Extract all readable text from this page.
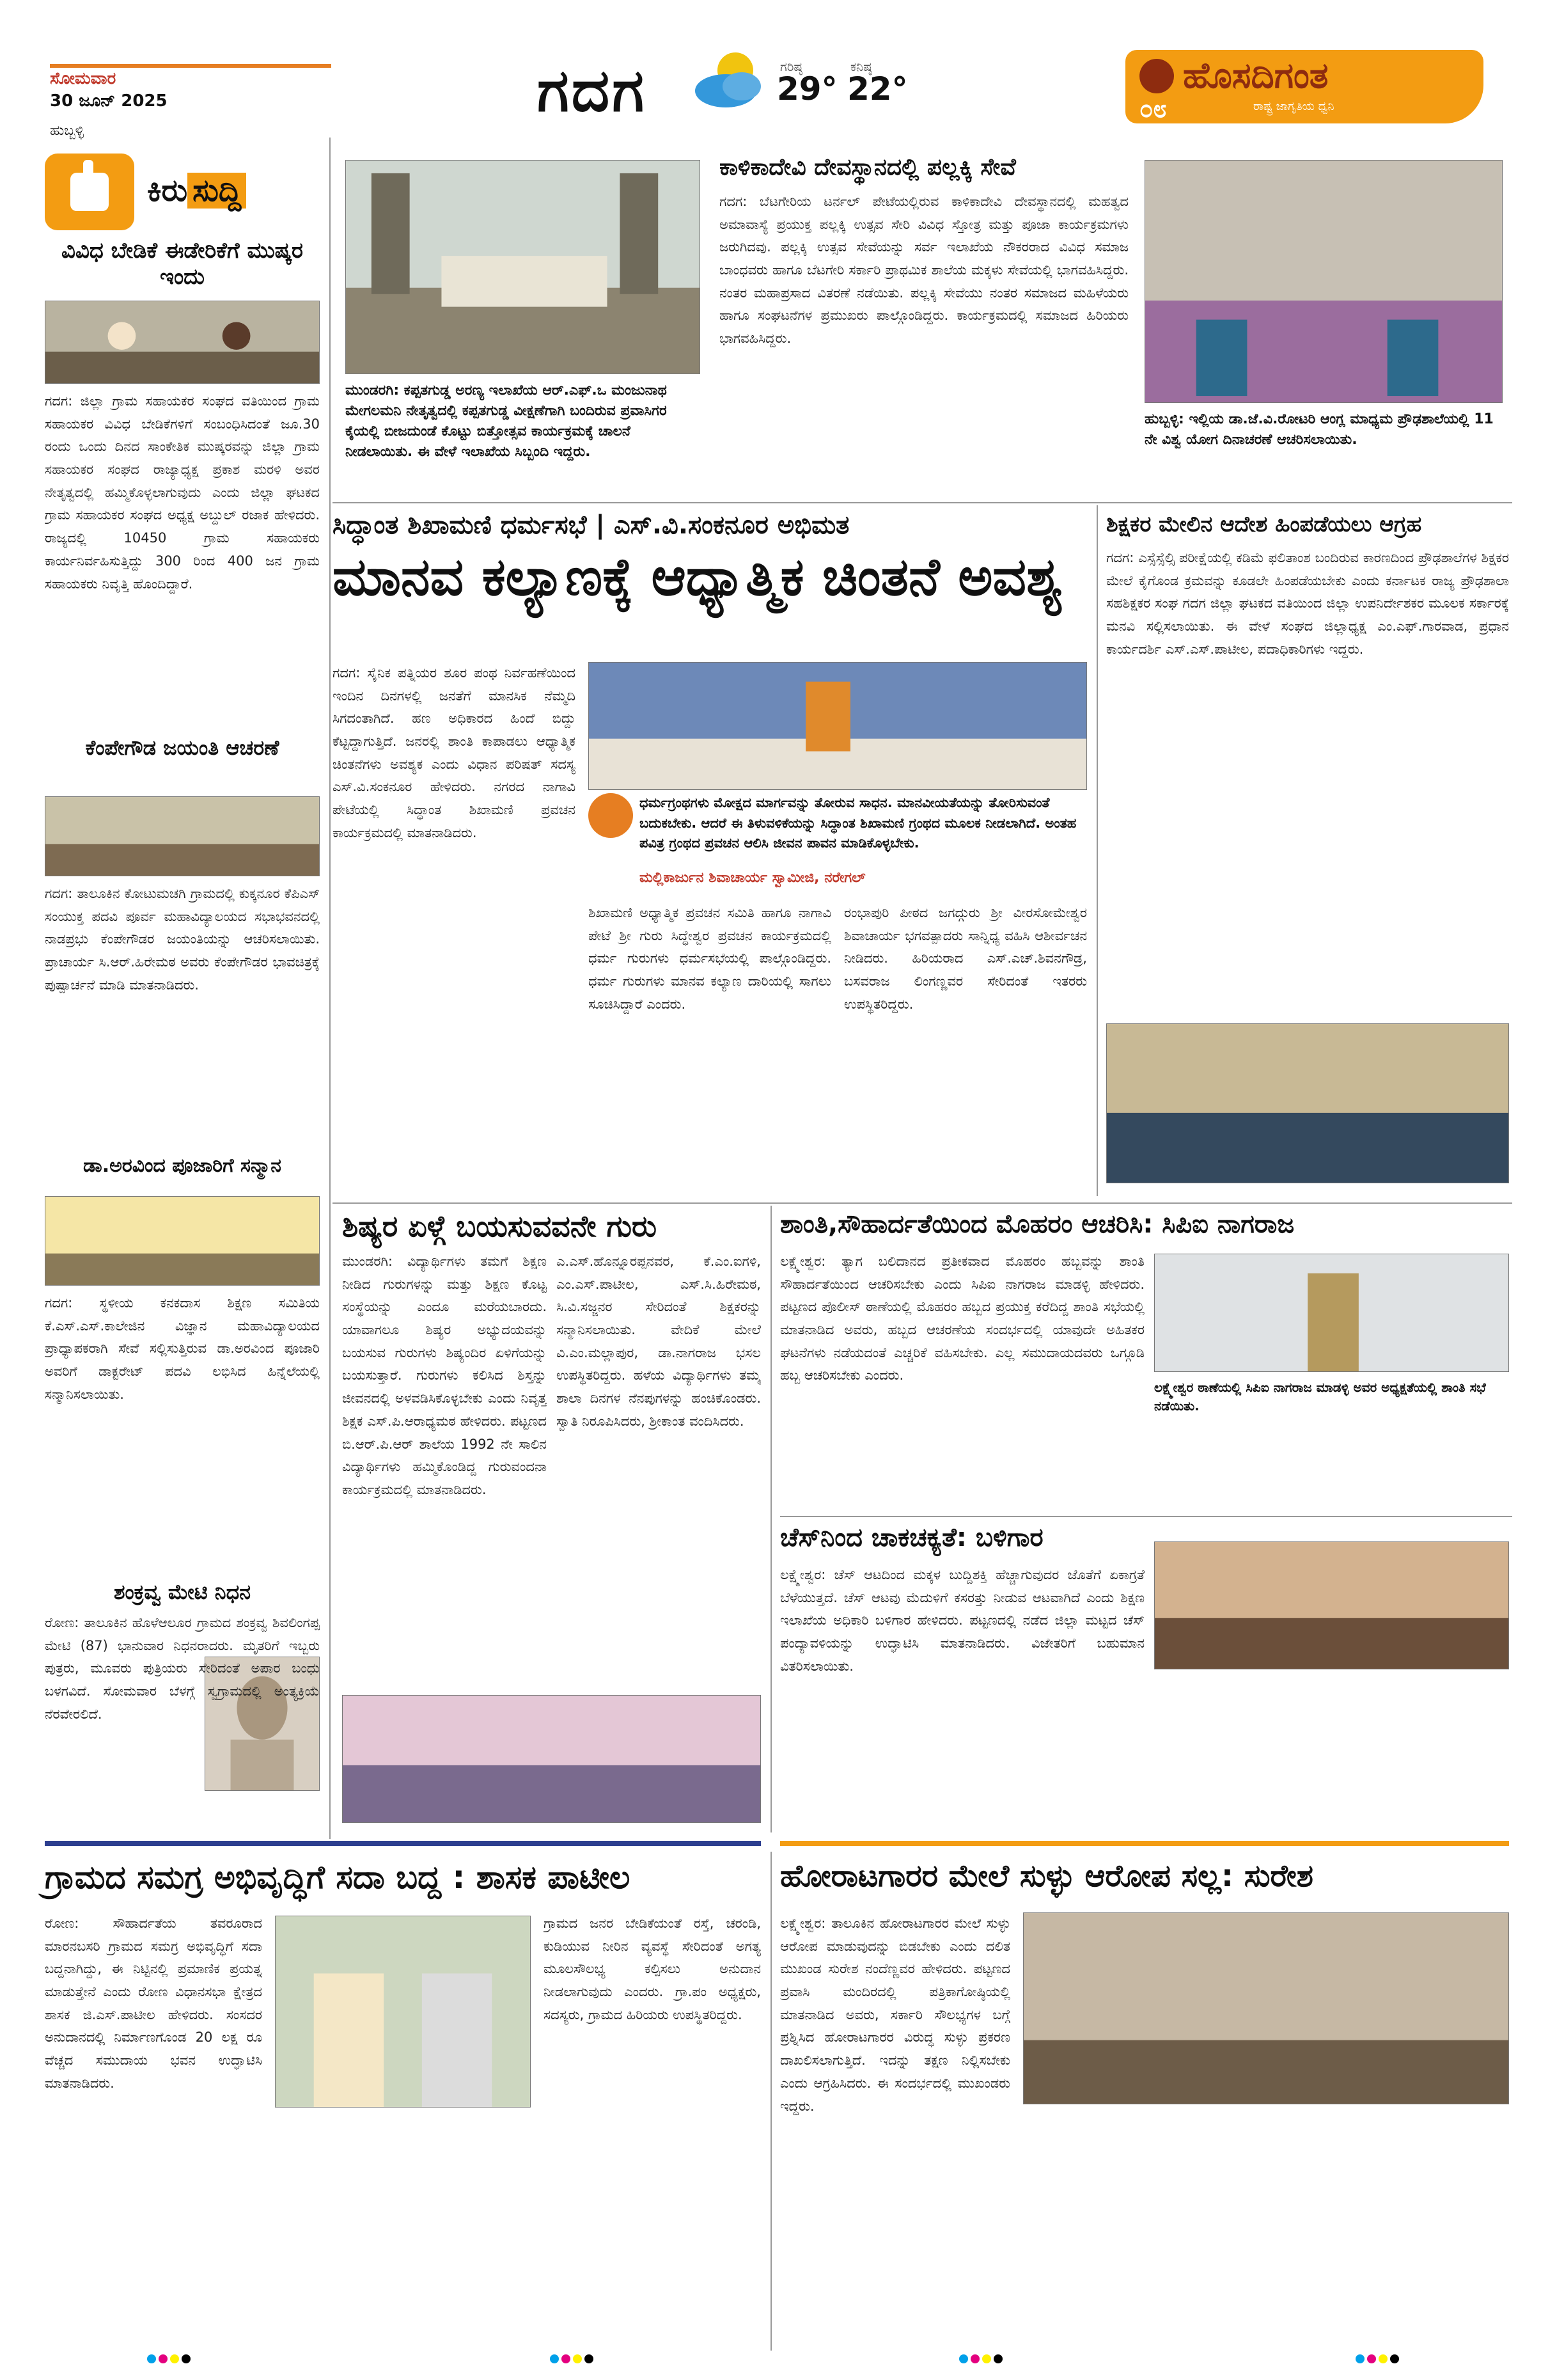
ಸೋಮವಾರ
30 ಜೂನ್ 2025
ಹುಬ್ಬಳ್ಳಿ
ಗದಗ	ಗರಿಷ್ಠ
29°
ಕನಿಷ್ಠ
22°	ಹೊಸದಿಗಂತ
೦೮	ರಾಷ್ಟ್ರ ಜಾಗೃತಿಯ ಧ್ವನಿ
ಕಿರು ಸುದ್ದಿ
ವಿವಿಧ ಬೇಡಿಕೆ ಈಡೇರಿಕೆಗೆ ಮುಷ್ಕರ ಇಂದು
ಗದಗ: ಜಿಲ್ಲಾ ಗ್ರಾಮ ಸಹಾಯಕರ ಸಂಘದ ವತಿಯಿಂದ ಗ್ರಾಮ ಸಹಾಯಕರ ವಿವಿಧ ಬೇಡಿಕೆಗಳಿಗೆ ಸಂಬಂಧಿಸಿದಂತೆ ಜೂ.30 ರಂದು ಒಂದು ದಿನದ ಸಾಂಕೇತಿಕ ಮುಷ್ಕರವನ್ನು ಜಿಲ್ಲಾ ಗ್ರಾಮ ಸಹಾಯಕರ ಸಂಘದ ರಾಜ್ಯಾಧ್ಯಕ್ಷ ಪ್ರಕಾಶ ಮರಳಿ ಅವರ ನೇತೃತ್ವದಲ್ಲಿ ಹಮ್ಮಿಕೊಳ್ಳಲಾಗುವುದು ಎಂದು ಜಿಲ್ಲಾ ಘಟಕದ ಗ್ರಾಮ ಸಹಾಯಕರ ಸಂಘದ ಅಧ್ಯಕ್ಷ ಅಬ್ದುಲ್ ರಜಾಕ ಹೇಳಿದರು. ರಾಜ್ಯದಲ್ಲಿ 10450 ಗ್ರಾಮ ಸಹಾಯಕರು ಕಾರ್ಯನಿರ್ವಹಿಸುತ್ತಿದ್ದು 300 ರಿಂದ 400 ಜನ ಗ್ರಾಮ ಸಹಾಯಕರು ನಿವೃತ್ತಿ ಹೊಂದಿದ್ದಾರೆ.
ಕೆಂಪೇಗೌಡ ಜಯಂತಿ ಆಚರಣೆ
ಗದಗ: ತಾಲೂಕಿನ ಕೋಟುಮಚಗಿ ಗ್ರಾಮದಲ್ಲಿ ಕುಕ್ಕನೂರ ಕೆಪಿಎಸ್ ಸಂಯುಕ್ತ ಪದವಿ ಪೂರ್ವ ಮಹಾವಿದ್ಯಾಲಯದ ಸಭಾಭವನದಲ್ಲಿ ನಾಡಪ್ರಭು ಕೆಂಪೇಗೌಡರ ಜಯಂತಿಯನ್ನು ಆಚರಿಸಲಾಯಿತು. ಪ್ರಾಚಾರ್ಯ ಸಿ.ಆರ್.ಹಿರೇಮಠ ಅವರು ಕೆಂಪೇಗೌಡರ ಭಾವಚಿತ್ರಕ್ಕೆ ಪುಷ್ಪಾರ್ಚನೆ ಮಾಡಿ ಮಾತನಾಡಿದರು.
ಡಾ.ಅರವಿಂದ ಪೂಜಾರಿಗೆ ಸನ್ಮಾನ
ಗದಗ: ಸ್ಥಳೀಯ ಕನಕದಾಸ ಶಿಕ್ಷಣ ಸಮಿತಿಯ ಕೆ.ಎಸ್.ಎಸ್.ಕಾಲೇಜಿನ ವಿಜ್ಞಾನ ಮಹಾವಿದ್ಯಾಲಯದ ಪ್ರಾಧ್ಯಾಪಕರಾಗಿ ಸೇವೆ ಸಲ್ಲಿಸುತ್ತಿರುವ ಡಾ.ಅರವಿಂದ ಪೂಜಾರಿ ಅವರಿಗೆ ಡಾಕ್ಟರೇಟ್ ಪದವಿ ಲಭಿಸಿದ ಹಿನ್ನೆಲೆಯಲ್ಲಿ ಸನ್ಮಾನಿಸಲಾಯಿತು.
ಶಂಕ್ರವ್ವ ಮೇಟಿ ನಿಧನ
ರೋಣ: ತಾಲೂಕಿನ ಹೊಳೆಆಲೂರ ಗ್ರಾಮದ ಶಂಕ್ರವ್ವ ಶಿವಲಿಂಗಪ್ಪ ಮೇಟಿ (87) ಭಾನುವಾರ ನಿಧನರಾದರು. ಮೃತರಿಗೆ ಇಬ್ಬರು ಪುತ್ರರು, ಮೂವರು ಪುತ್ರಿಯರು ಸೇರಿದಂತೆ ಅಪಾರ ಬಂಧು ಬಳಗವಿದೆ. ಸೋಮವಾರ ಬೆಳಗ್ಗೆ ಸ್ವಗ್ರಾಮದಲ್ಲಿ ಅಂತ್ಯಕ್ರಿಯೆ ನೆರವೇರಲಿದೆ.
ಮುಂಡರಗಿ: ಕಪ್ಪತಗುಡ್ಡ ಅರಣ್ಯ ಇಲಾಖೆಯ ಆರ್.ಎಫ್.ಒ ಮಂಜುನಾಥ ಮೇಗಲಮನಿ ನೇತೃತ್ವದಲ್ಲಿ ಕಪ್ಪತಗುಡ್ಡ ವೀಕ್ಷಣೆಗಾಗಿ ಬಂದಿರುವ ಪ್ರವಾಸಿಗರ ಕೈಯಲ್ಲಿ ಬೀಜದುಂಡೆ ಕೊಟ್ಟು ಬಿತ್ತೋತ್ಸವ ಕಾರ್ಯಕ್ರಮಕ್ಕೆ ಚಾಲನೆ ನೀಡಲಾಯಿತು. ಈ ವೇಳೆ ಇಲಾಖೆಯ ಸಿಬ್ಬಂದಿ ಇದ್ದರು.
ಕಾಳಿಕಾದೇವಿ ದೇವಸ್ಥಾನದಲ್ಲಿ ಪಲ್ಲಕ್ಕಿ ಸೇವೆ
ಗದಗ: ಬೆಟಗೇರಿಯ ಟರ್ನಲ್ ಪೇಟೆಯಲ್ಲಿರುವ ಕಾಳಿಕಾದೇವಿ ದೇವಸ್ಥಾನದಲ್ಲಿ ಮಹತ್ವದ ಅಮಾವಾಸ್ಯೆ ಪ್ರಯುಕ್ತ ಪಲ್ಲಕ್ಕಿ ಉತ್ಸವ ಸೇರಿ ವಿವಿಧ ಸ್ತೋತ್ರ ಮತ್ತು ಪೂಜಾ ಕಾರ್ಯಕ್ರಮಗಳು ಜರುಗಿದವು. ಪಲ್ಲಕ್ಕಿ ಉತ್ಸವ ಸೇವೆಯನ್ನು ಸರ್ವ ಇಲಾಖೆಯ ನೌಕರರಾದ ವಿವಿಧ ಸಮಾಜ ಬಾಂಧವರು ಹಾಗೂ ಬೆಟಗೇರಿ ಸರ್ಕಾರಿ ಪ್ರಾಥಮಿಕ ಶಾಲೆಯ ಮಕ್ಕಳು ಸೇವೆಯಲ್ಲಿ ಭಾಗವಹಿಸಿದ್ದರು. ನಂತರ ಮಹಾಪ್ರಸಾದ ವಿತರಣೆ ನಡೆಯಿತು. ಪಲ್ಲಕ್ಕಿ ಸೇವೆಯು ನಂತರ ಸಮಾಜದ ಮಹಿಳೆಯರು ಹಾಗೂ ಸಂಘಟನೆಗಳ ಪ್ರಮುಖರು ಪಾಲ್ಗೊಂಡಿದ್ದರು. ಕಾರ್ಯಕ್ರಮದಲ್ಲಿ ಸಮಾಜದ ಹಿರಿಯರು ಭಾಗವಹಿಸಿದ್ದರು.
ಹುಬ್ಬಳ್ಳಿ: ಇಲ್ಲಿಯ ಡಾ.ಜೆ.ವಿ.ರೋಟರಿ ಆಂಗ್ಲ ಮಾಧ್ಯಮ ಪ್ರೌಢಶಾಲೆಯಲ್ಲಿ 11 ನೇ ವಿಶ್ವ ಯೋಗ ದಿನಾಚರಣೆ ಆಚರಿಸಲಾಯಿತು.
ಸಿದ್ಧಾಂತ ಶಿಖಾಮಣಿ ಧರ್ಮಸಭೆ | ಎಸ್.ವಿ.ಸಂಕನೂರ ಅಭಿಮತ
ಮಾನವ ಕಲ್ಯಾಣಕ್ಕೆ ಆಧ್ಯಾತ್ಮಿಕ ಚಿಂತನೆ ಅವಶ್ಯ
ಗದಗ: ಸೈನಿಕ ಪತ್ನಿಯರ ಶೂರ ಪಂಥ ನಿರ್ವಹಣೆಯಿಂದ ಇಂದಿನ ದಿನಗಳಲ್ಲಿ ಜನತೆಗೆ ಮಾನಸಿಕ ನೆಮ್ಮದಿ ಸಿಗದಂತಾಗಿದೆ. ಹಣ ಅಧಿಕಾರದ ಹಿಂದೆ ಬಿದ್ದು ಕೆಟ್ಟದ್ದಾಗುತ್ತಿದೆ. ಜನರಲ್ಲಿ ಶಾಂತಿ ಕಾಪಾಡಲು ಆಧ್ಯಾತ್ಮಿಕ ಚಿಂತನೆಗಳು ಅವಶ್ಯಕ ಎಂದು ವಿಧಾನ ಪರಿಷತ್ ಸದಸ್ಯ ಎಸ್.ವಿ.ಸಂಕನೂರ ಹೇಳಿದರು. ನಗರದ ನಾಗಾವಿ ಪೇಟೆಯಲ್ಲಿ ಸಿದ್ಧಾಂತ ಶಿಖಾಮಣಿ ಪ್ರವಚನ ಕಾರ್ಯಕ್ರಮದಲ್ಲಿ ಮಾತನಾಡಿದರು.
ಧರ್ಮಗ್ರಂಥಗಳು ಮೋಕ್ಷದ ಮಾರ್ಗವನ್ನು ತೋರುವ ಸಾಧನ. ಮಾನವೀಯತೆಯನ್ನು ತೋರಿಸುವಂತೆ ಬದುಕಬೇಕು. ಆದರೆ ಈ ತಿಳುವಳಿಕೆಯನ್ನು ಸಿದ್ಧಾಂತ ಶಿಖಾಮಣಿ ಗ್ರಂಥದ ಮೂಲಕ ನೀಡಲಾಗಿದೆ. ಅಂತಹ ಪವಿತ್ರ ಗ್ರಂಥದ ಪ್ರವಚನ ಆಲಿಸಿ ಜೀವನ ಪಾವನ ಮಾಡಿಕೊಳ್ಳಬೇಕು.
ಮಲ್ಲಿಕಾರ್ಜುನ ಶಿವಾಚಾರ್ಯ ಸ್ವಾಮೀಜಿ, ನರೇಗಲ್
ಶಿಖಾಮಣಿ ಅಧ್ಯಾತ್ಮಿಕ ಪ್ರವಚನ ಸಮಿತಿ ಹಾಗೂ ನಾಗಾವಿ ಪೇಟೆ ಶ್ರೀ ಗುರು ಸಿದ್ಧೇಶ್ವರ ಪ್ರವಚನ ಕಾರ್ಯಕ್ರಮದಲ್ಲಿ ಧರ್ಮ ಗುರುಗಳು ಧರ್ಮಸಭೆಯಲ್ಲಿ ಪಾಲ್ಗೊಂಡಿದ್ದರು. ಧರ್ಮ ಗುರುಗಳು ಮಾನವ ಕಲ್ಯಾಣ ದಾರಿಯಲ್ಲಿ ಸಾಗಲು ಸೂಚಿಸಿದ್ದಾರೆ ಎಂದರು.
ರಂಭಾಪುರಿ ಪೀಠದ ಜಗದ್ಗುರು ಶ್ರೀ ವೀರಸೋಮೇಶ್ವರ ಶಿವಾಚಾರ್ಯ ಭಗವತ್ಪಾದರು ಸಾನ್ನಿಧ್ಯ ವಹಿಸಿ ಆಶೀರ್ವಚನ ನೀಡಿದರು. ಹಿರಿಯರಾದ ಎಸ್.ಎಚ್.ಶಿವನಗೌಡ್ರ, ಬಸವರಾಜ ಲಿಂಗಣ್ಣವರ ಸೇರಿದಂತೆ ಇತರರು ಉಪಸ್ಥಿತರಿದ್ದರು.
ಶಿಕ್ಷಕರ ಮೇಲಿನ ಆದೇಶ ಹಿಂಪಡೆಯಲು ಆಗ್ರಹ
ಗದಗ: ಎಸ್ಸೆಸ್ಸೆಲ್ಸಿ ಪರೀಕ್ಷೆಯಲ್ಲಿ ಕಡಿಮೆ ಫಲಿತಾಂಶ ಬಂದಿರುವ ಕಾರಣದಿಂದ ಪ್ರೌಢಶಾಲೆಗಳ ಶಿಕ್ಷಕರ ಮೇಲೆ ಕೈಗೊಂಡ ಕ್ರಮವನ್ನು ಕೂಡಲೇ ಹಿಂಪಡೆಯಬೇಕು ಎಂದು ಕರ್ನಾಟಕ ರಾಜ್ಯ ಪ್ರೌಢಶಾಲಾ ಸಹಶಿಕ್ಷಕರ ಸಂಘ ಗದಗ ಜಿಲ್ಲಾ ಘಟಕದ ವತಿಯಿಂದ ಜಿಲ್ಲಾ ಉಪನಿರ್ದೇಶಕರ ಮೂಲಕ ಸರ್ಕಾರಕ್ಕೆ ಮನವಿ ಸಲ್ಲಿಸಲಾಯಿತು. ಈ ವೇಳೆ ಸಂಘದ ಜಿಲ್ಲಾಧ್ಯಕ್ಷ ಎಂ.ಎಫ್.ಗಾರವಾಡ, ಪ್ರಧಾನ ಕಾರ್ಯದರ್ಶಿ ಎಸ್.ಎಸ್.ಪಾಟೀಲ, ಪದಾಧಿಕಾರಿಗಳು ಇದ್ದರು.
ಶಿಷ್ಯರ ಏಳ್ಗೆ ಬಯಸುವವನೇ ಗುರು
ಮುಂಡರಗಿ: ವಿದ್ಯಾರ್ಥಿಗಳು ತಮಗೆ ಶಿಕ್ಷಣ ನೀಡಿದ ಗುರುಗಳನ್ನು ಮತ್ತು ಶಿಕ್ಷಣ ಕೊಟ್ಟ ಸಂಸ್ಥೆಯನ್ನು ಎಂದೂ ಮರೆಯಬಾರದು. ಯಾವಾಗಲೂ ಶಿಷ್ಯರ ಅಭ್ಯುದಯವನ್ನು ಬಯಸುವ ಗುರುಗಳು ಶಿಷ್ಯಂದಿರ ಏಳಿಗೆಯನ್ನು ಬಯಸುತ್ತಾರೆ. ಗುರುಗಳು ಕಲಿಸಿದ ಶಿಸ್ತನ್ನು ಜೀವನದಲ್ಲಿ ಅಳವಡಿಸಿಕೊಳ್ಳಬೇಕು ಎಂದು ನಿವೃತ್ತ ಶಿಕ್ಷಕ ಎಸ್.ಪಿ.ಆರಾಧ್ಯಮಠ ಹೇಳಿದರು. ಪಟ್ಟಣದ ಬಿ.ಆರ್.ಪಿ.ಆರ್ ಶಾಲೆಯ 1992 ನೇ ಸಾಲಿನ ವಿದ್ಯಾರ್ಥಿಗಳು ಹಮ್ಮಿಕೊಂಡಿದ್ದ ಗುರುವಂದನಾ ಕಾರ್ಯಕ್ರಮದಲ್ಲಿ ಮಾತನಾಡಿದರು.
ಎ.ಎಸ್.ಹೊನ್ನೂರಪ್ಪನವರ, ಕೆ.ಎಂ.ಐಗಳಿ, ಎಂ.ಎಸ್.ಪಾಟೀಲ, ಎಸ್.ಸಿ.ಹಿರೇಮಠ, ಸಿ.ವಿ.ಸಜ್ಜನರ ಸೇರಿದಂತೆ ಶಿಕ್ಷಕರನ್ನು ಸನ್ಮಾನಿಸಲಾಯಿತು. ವೇದಿಕೆ ಮೇಲೆ ವಿ.ಎಂ.ಮಲ್ಲಾಪುರ, ಡಾ.ನಾಗರಾಜ ಭಸಲ ಉಪಸ್ಥಿತರಿದ್ದರು. ಹಳೆಯ ವಿದ್ಯಾರ್ಥಿಗಳು ತಮ್ಮ ಶಾಲಾ ದಿನಗಳ ನೆನಪುಗಳನ್ನು ಹಂಚಿಕೊಂಡರು. ಸ್ವಾತಿ ನಿರೂಪಿಸಿದರು, ಶ್ರೀಕಾಂತ ವಂದಿಸಿದರು.
ಶಾಂತಿ,ಸೌಹಾರ್ದತೆಯಿಂದ ಮೊಹರಂ ಆಚರಿಸಿ: ಸಿಪಿಐ ನಾಗರಾಜ
ಲಕ್ಷ್ಮೇಶ್ವರ: ತ್ಯಾಗ ಬಲಿದಾನದ ಪ್ರತೀಕವಾದ ಮೊಹರಂ ಹಬ್ಬವನ್ನು ಶಾಂತಿ ಸೌಹಾರ್ದತೆಯಿಂದ ಆಚರಿಸಬೇಕು ಎಂದು ಸಿಪಿಐ ನಾಗರಾಜ ಮಾಡಳ್ಳಿ ಹೇಳಿದರು. ಪಟ್ಟಣದ ಪೊಲೀಸ್ ಠಾಣೆಯಲ್ಲಿ ಮೊಹರಂ ಹಬ್ಬದ ಪ್ರಯುಕ್ತ ಕರೆದಿದ್ದ ಶಾಂತಿ ಸಭೆಯಲ್ಲಿ ಮಾತನಾಡಿದ ಅವರು, ಹಬ್ಬದ ಆಚರಣೆಯ ಸಂದರ್ಭದಲ್ಲಿ ಯಾವುದೇ ಅಹಿತಕರ ಘಟನೆಗಳು ನಡೆಯದಂತೆ ಎಚ್ಚರಿಕೆ ವಹಿಸಬೇಕು. ಎಲ್ಲ ಸಮುದಾಯದವರು ಒಗ್ಗೂಡಿ ಹಬ್ಬ ಆಚರಿಸಬೇಕು ಎಂದರು.
ಲಕ್ಷ್ಮೇಶ್ವರ ಠಾಣೆಯಲ್ಲಿ ಸಿಪಿಐ ನಾಗರಾಜ ಮಾಡಳ್ಳಿ ಅವರ ಅಧ್ಯಕ್ಷತೆಯಲ್ಲಿ ಶಾಂತಿ ಸಭೆ ನಡೆಯಿತು.
ಚೆಸ್‌ನಿಂದ ಚಾಕಚಕ್ಯತೆ: ಬಳಿಗಾರ
ಲಕ್ಷ್ಮೇಶ್ವರ: ಚೆಸ್ ಆಟದಿಂದ ಮಕ್ಕಳ ಬುದ್ದಿಶಕ್ತಿ ಹೆಚ್ಚಾಗುವುದರ ಜೊತೆಗೆ ಏಕಾಗ್ರತೆ ಬೆಳೆಯುತ್ತದೆ. ಚೆಸ್ ಆಟವು ಮೆದುಳಿಗೆ ಕಸರತ್ತು ನೀಡುವ ಆಟವಾಗಿದೆ ಎಂದು ಶಿಕ್ಷಣ ಇಲಾಖೆಯ ಅಧಿಕಾರಿ ಬಳಿಗಾರ ಹೇಳಿದರು. ಪಟ್ಟಣದಲ್ಲಿ ನಡೆದ ಜಿಲ್ಲಾ ಮಟ್ಟದ ಚೆಸ್ ಪಂದ್ಯಾವಳಿಯನ್ನು ಉದ್ಘಾಟಿಸಿ ಮಾತನಾಡಿದರು. ವಿಜೇತರಿಗೆ ಬಹುಮಾನ ವಿತರಿಸಲಾಯಿತು.
ಗ್ರಾಮದ ಸಮಗ್ರ ಅಭಿವೃದ್ಧಿಗೆ ಸದಾ ಬದ್ದ : ಶಾಸಕ ಪಾಟೀಲ
ರೋಣ: ಸೌಹಾರ್ದತೆಯ ತವರೂರಾದ ಮಾರನಬಸರಿ ಗ್ರಾಮದ ಸಮಗ್ರ ಅಭಿವೃದ್ಧಿಗೆ ಸದಾ ಬದ್ದನಾಗಿದ್ದು, ಈ ನಿಟ್ಟಿನಲ್ಲಿ ಪ್ರಮಾಣಿಕ ಪ್ರಯತ್ನ ಮಾಡುತ್ತೇನೆ ಎಂದು ರೋಣ ವಿಧಾನಸಭಾ ಕ್ಷೇತ್ರದ ಶಾಸಕ ಜಿ.ಎಸ್.ಪಾಟೀಲ ಹೇಳಿದರು. ಸಂಸದರ ಅನುದಾನದಲ್ಲಿ ನಿರ್ಮಾಣಗೊಂಡ 20 ಲಕ್ಷ ರೂ ವೆಚ್ಚದ ಸಮುದಾಯ ಭವನ ಉದ್ಘಾಟಿಸಿ ಮಾತನಾಡಿದರು.
ಗ್ರಾಮದ ಜನರ ಬೇಡಿಕೆಯಂತೆ ರಸ್ತೆ, ಚರಂಡಿ, ಕುಡಿಯುವ ನೀರಿನ ವ್ಯವಸ್ಥೆ ಸೇರಿದಂತೆ ಅಗತ್ಯ ಮೂಲಸೌಲಭ್ಯ ಕಲ್ಪಿಸಲು ಅನುದಾನ ನೀಡಲಾಗುವುದು ಎಂದರು. ಗ್ರಾ.ಪಂ ಅಧ್ಯಕ್ಷರು, ಸದಸ್ಯರು, ಗ್ರಾಮದ ಹಿರಿಯರು ಉಪಸ್ಥಿತರಿದ್ದರು.
ಹೋರಾಟಗಾರರ ಮೇಲೆ ಸುಳ್ಳು ಆರೋಪ ಸಲ್ಲ: ಸುರೇಶ
ಲಕ್ಷ್ಮೇಶ್ವರ: ತಾಲೂಕಿನ ಹೋರಾಟಗಾರರ ಮೇಲೆ ಸುಳ್ಳು ಆರೋಪ ಮಾಡುವುದನ್ನು ಬಿಡಬೇಕು ಎಂದು ದಲಿತ ಮುಖಂಡ ಸುರೇಶ ನಂದೆಣ್ಣವರ ಹೇಳಿದರು. ಪಟ್ಟಣದ ಪ್ರವಾಸಿ ಮಂದಿರದಲ್ಲಿ ಪತ್ರಿಕಾಗೋಷ್ಠಿಯಲ್ಲಿ ಮಾತನಾಡಿದ ಅವರು, ಸರ್ಕಾರಿ ಸೌಲಭ್ಯಗಳ ಬಗ್ಗೆ ಪ್ರಶ್ನಿಸಿದ ಹೋರಾಟಗಾರರ ವಿರುದ್ಧ ಸುಳ್ಳು ಪ್ರಕರಣ ದಾಖಲಿಸಲಾಗುತ್ತಿದೆ. ಇದನ್ನು ತಕ್ಷಣ ನಿಲ್ಲಿಸಬೇಕು ಎಂದು ಆಗ್ರಹಿಸಿದರು. ಈ ಸಂದರ್ಭದಲ್ಲಿ ಮುಖಂಡರು ಇದ್ದರು.
